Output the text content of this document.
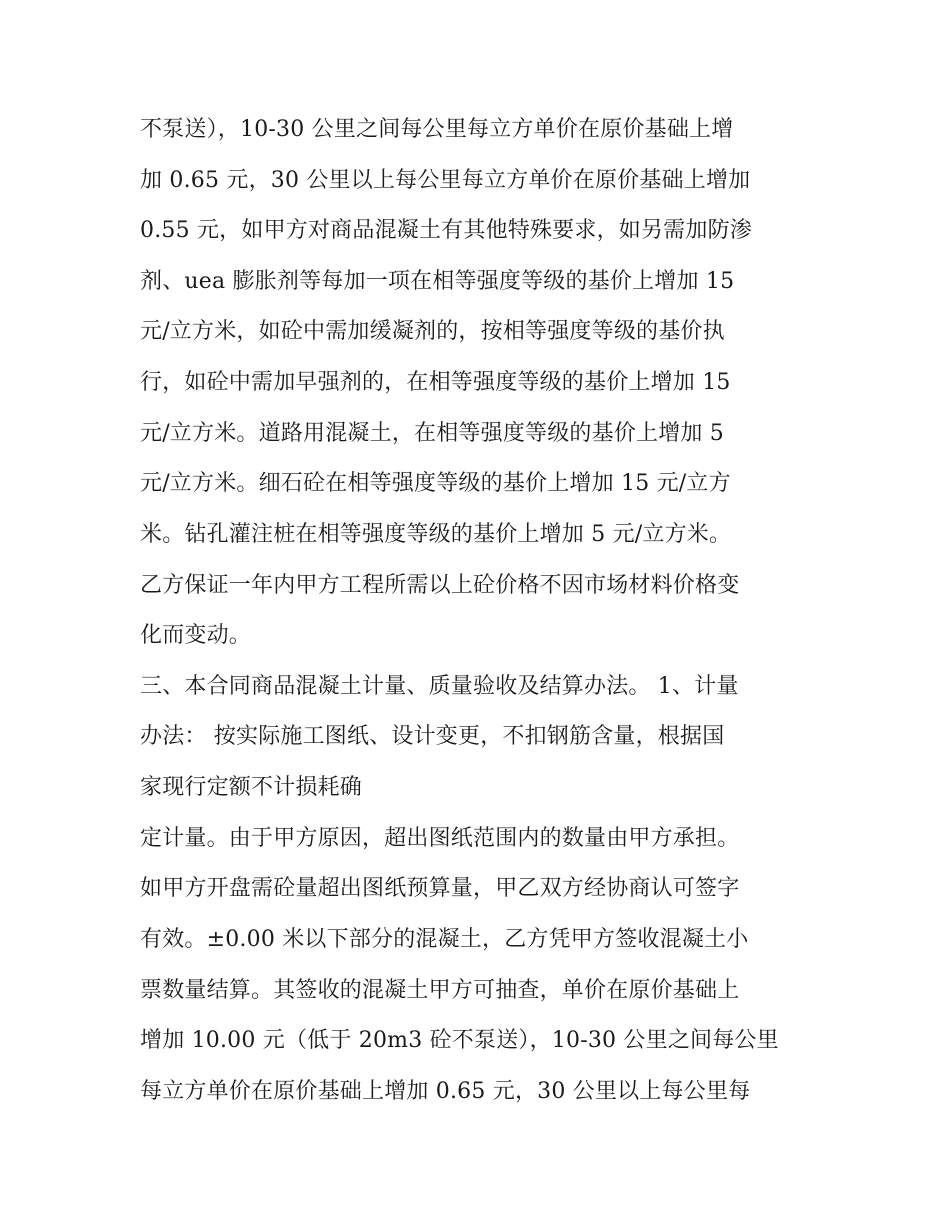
不泵送），10-30 公里之间每公里每立方单价在原价基础上增

加 0.65 元，30 公里以上每公里每立方单价在原价基础上增加

0.55 元，如甲方对商品混凝土有其他特殊要求，如另需加防渗

剂、uea 膨胀剂等每加一项在相等强度等级的基价上增加 15

元/立方米，如砼中需加缓凝剂的，按相等强度等级的基价执

行，如砼中需加早强剂的，在相等强度等级的基价上增加 15

元/立方米。道路用混凝土，在相等强度等级的基价上增加 5

元/立方米。细石砼在相等强度等级的基价上增加 15 元/立方

米。钻孔灌注桩在相等强度等级的基价上增加 5 元/立方米。

乙方保证一年内甲方工程所需以上砼价格不因市场材料价格变

化而变动。

三、本合同商品混凝土计量、质量验收及结算办法。 1、计量

办法： 按实际施工图纸、设计变更，不扣钢筋含量，根据国

家现行定额不计损耗确

定计量。由于甲方原因，超出图纸范围内的数量由甲方承担。

如甲方开盘需砼量超出图纸预算量，甲乙双方经协商认可签字

有效。±0.00 米以下部分的混凝土，乙方凭甲方签收混凝土小

票数量结算。其签收的混凝土甲方可抽查，单价在原价基础上

增加 10.00 元（低于 20m3 砼不泵送），10-30 公里之间每公里

每立方单价在原价基础上增加 0.65 元，30 公里以上每公里每
